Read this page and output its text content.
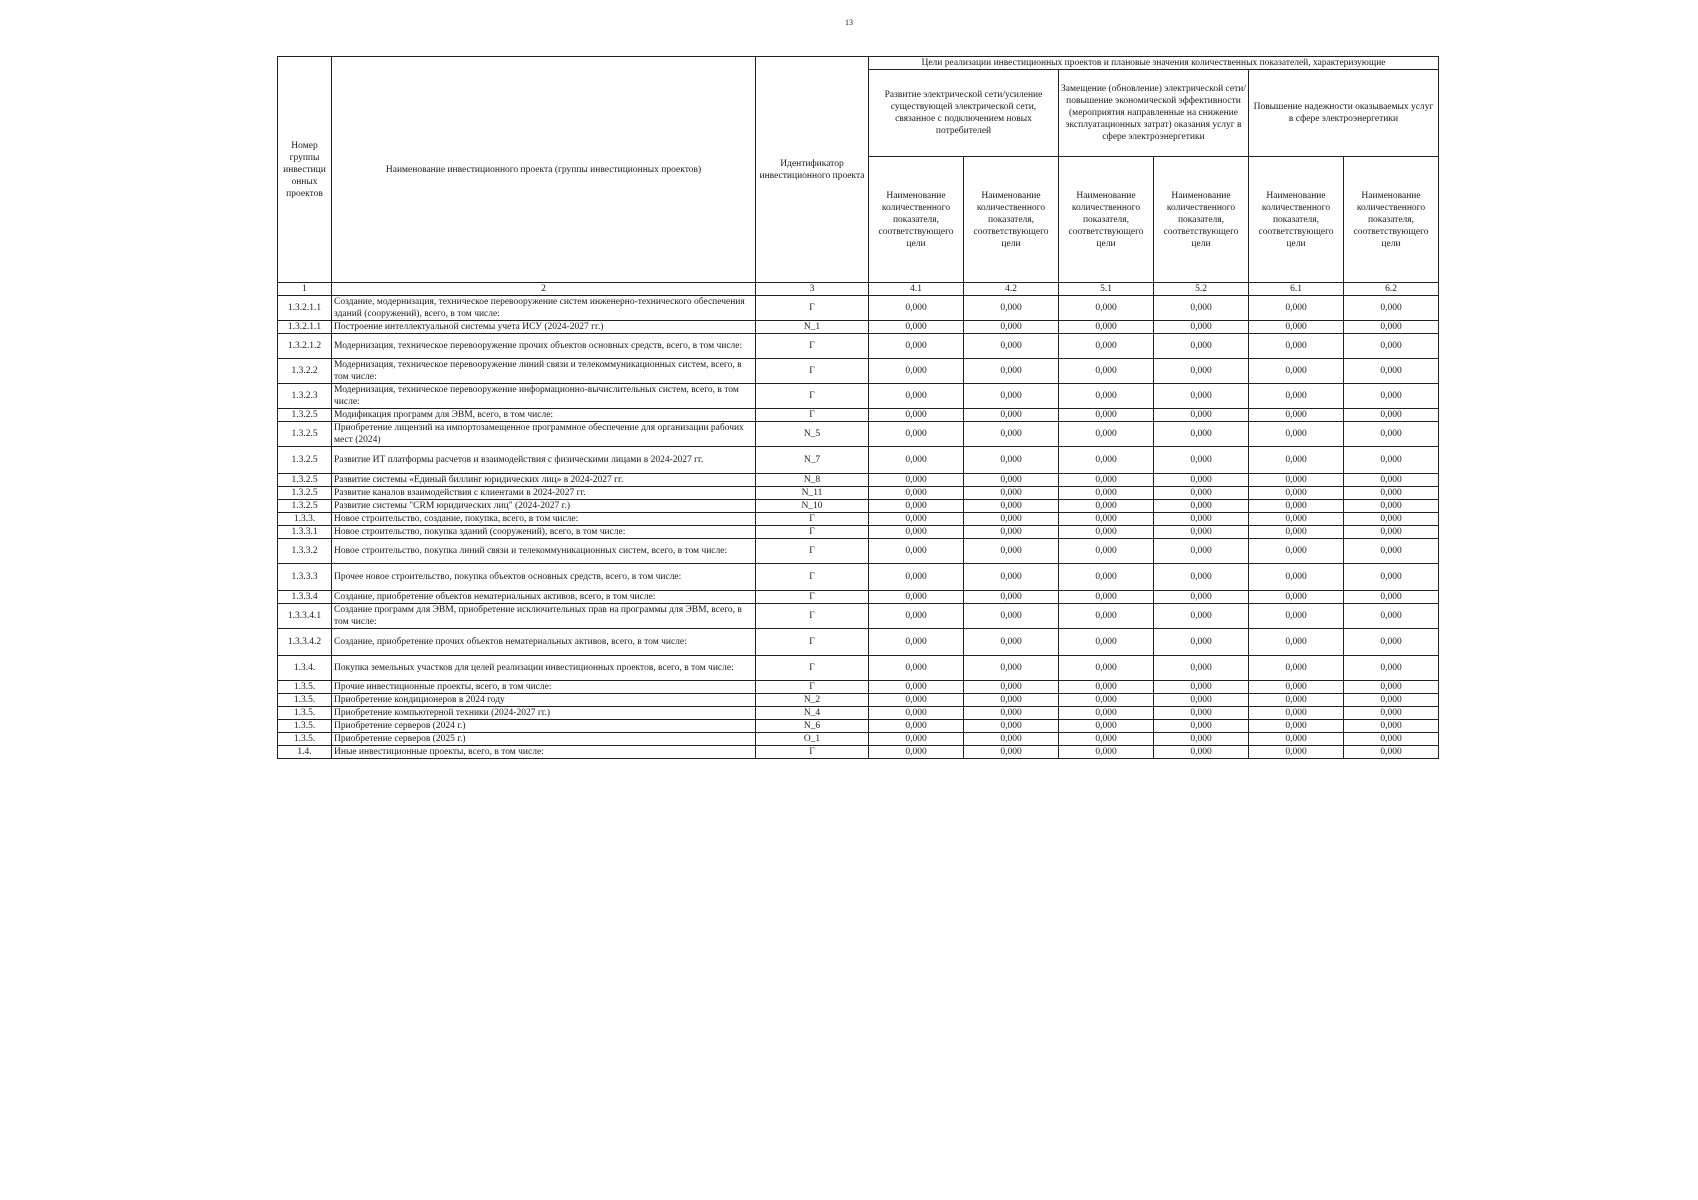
13
Номер группы инвестици онных проектов	Наименование инвестиционного проекта (группы инвестиционных проектов)	Идентификатор инвестиционного проекта	Цели реализации инвестиционных проектов и плановые значения количественных показателей, характеризующие					
			Развитие электрической сети/усиление существующей электрической сети, связанное с подключением новых потребителей		Замещение (обновление) электрической сети/повышение экономической эффективности (мероприятия направленные на снижение эксплуатационных затрат) оказания услуг в сфере электроэнергетики		Повышение надежности оказываемых услуг в сфере электроэнергетики	
			Наименование количественного показателя, соответствующего цели	Наименование количественного показателя, соответствующего цели	Наименование количественного показателя, соответствующего цели	Наименование количественного показателя, соответствующего цели	Наименование количественного показателя, соответствующего цели	Наименование количественного показателя, соответствующего цели
1	2	3	4.1	4.2	5.1	5.2	6.1	6.2
1.3.2.1.1	Создание, модернизация, техническое перевооружение систем инженерно-технического обеспечения зданий (сооружений), всего, в том числе:	Г	0,000	0,000	0,000	0,000	0,000	0,000
1.3.2.1.1	Построение интеллектуальной системы учета ИСУ (2024-2027 гг.)	N_1	0,000	0,000	0,000	0,000	0,000	0,000
1.3.2.1.2	Модернизация, техническое перевооружение прочих объектов основных средств, всего, в том числе:	Г	0,000	0,000	0,000	0,000	0,000	0,000
1.3.2.2	Модернизация, техническое перевооружение линий связи и телекоммуникационных систем, всего, в том числе:	Г	0,000	0,000	0,000	0,000	0,000	0,000
1.3.2.3	Модернизация, техническое перевооружение информационно-вычислительных систем, всего, в том числе:	Г	0,000	0,000	0,000	0,000	0,000	0,000
1.3.2.5	Модификация программ для ЭВМ, всего, в том числе:	Г	0,000	0,000	0,000	0,000	0,000	0,000
1.3.2.5	Приобретение лицензий на импортозамещенное программное обеспечение для организации рабочих мест (2024)	N_5	0,000	0,000	0,000	0,000	0,000	0,000
1.3.2.5	Развитие ИТ платформы расчетов и взаимодействия с физическими лицами в 2024-2027 гг.	N_7	0,000	0,000	0,000	0,000	0,000	0,000
1.3.2.5	Развитие системы «Единый биллинг юридических лиц» в 2024-2027 гг.	N_8	0,000	0,000	0,000	0,000	0,000	0,000
1.3.2.5	Развитие каналов взаимодействия с клиентами в 2024-2027 гг.	N_11	0,000	0,000	0,000	0,000	0,000	0,000
1.3.2.5	Развитие системы "CRM юридических лиц" (2024-2027 г.)	N_10	0,000	0,000	0,000	0,000	0,000	0,000
1.3.3.	Новое строительство, создание, покупка, всего, в том числе:	Г	0,000	0,000	0,000	0,000	0,000	0,000
1.3.3.1	Новое строительство, покупка зданий (сооружений), всего, в том числе:	Г	0,000	0,000	0,000	0,000	0,000	0,000
1.3.3.2	Новое строительство, покупка линий связи и телекоммуникационных систем, всего, в том числе:	Г	0,000	0,000	0,000	0,000	0,000	0,000
1.3.3.3	Прочее новое строительство, покупка объектов основных средств, всего, в том числе:	Г	0,000	0,000	0,000	0,000	0,000	0,000
1.3.3.4	Создание, приобретение объектов нематериальных активов, всего, в том числе:	Г	0,000	0,000	0,000	0,000	0,000	0,000
1.3.3.4.1	Создание программ для ЭВМ, приобретение исключительных прав на программы для ЭВМ, всего, в том числе:	Г	0,000	0,000	0,000	0,000	0,000	0,000
1.3.3.4.2	Создание, приобретение прочих объектов нематериальных активов, всего, в том числе:	Г	0,000	0,000	0,000	0,000	0,000	0,000
1.3.4.	Покупка земельных участков для целей реализации инвестиционных проектов, всего, в том числе:	Г	0,000	0,000	0,000	0,000	0,000	0,000
1.3.5.	Прочие инвестиционные проекты, всего, в том числе:	Г	0,000	0,000	0,000	0,000	0,000	0,000
1.3.5.	Приобретение кондиционеров в 2024 году	N_2	0,000	0,000	0,000	0,000	0,000	0,000
1.3.5.	Приобретение компьютерной техники (2024-2027 гг.)	N_4	0,000	0,000	0,000	0,000	0,000	0,000
1.3.5.	Приобретение серверов (2024 г.)	N_6	0,000	0,000	0,000	0,000	0,000	0,000
1.3.5.	Приобретение серверов (2025 г.)	O_1	0,000	0,000	0,000	0,000	0,000	0,000
1.4.	Иные инвестиционные проекты, всего, в том числе:	Г	0,000	0,000	0,000	0,000	0,000	0,000
